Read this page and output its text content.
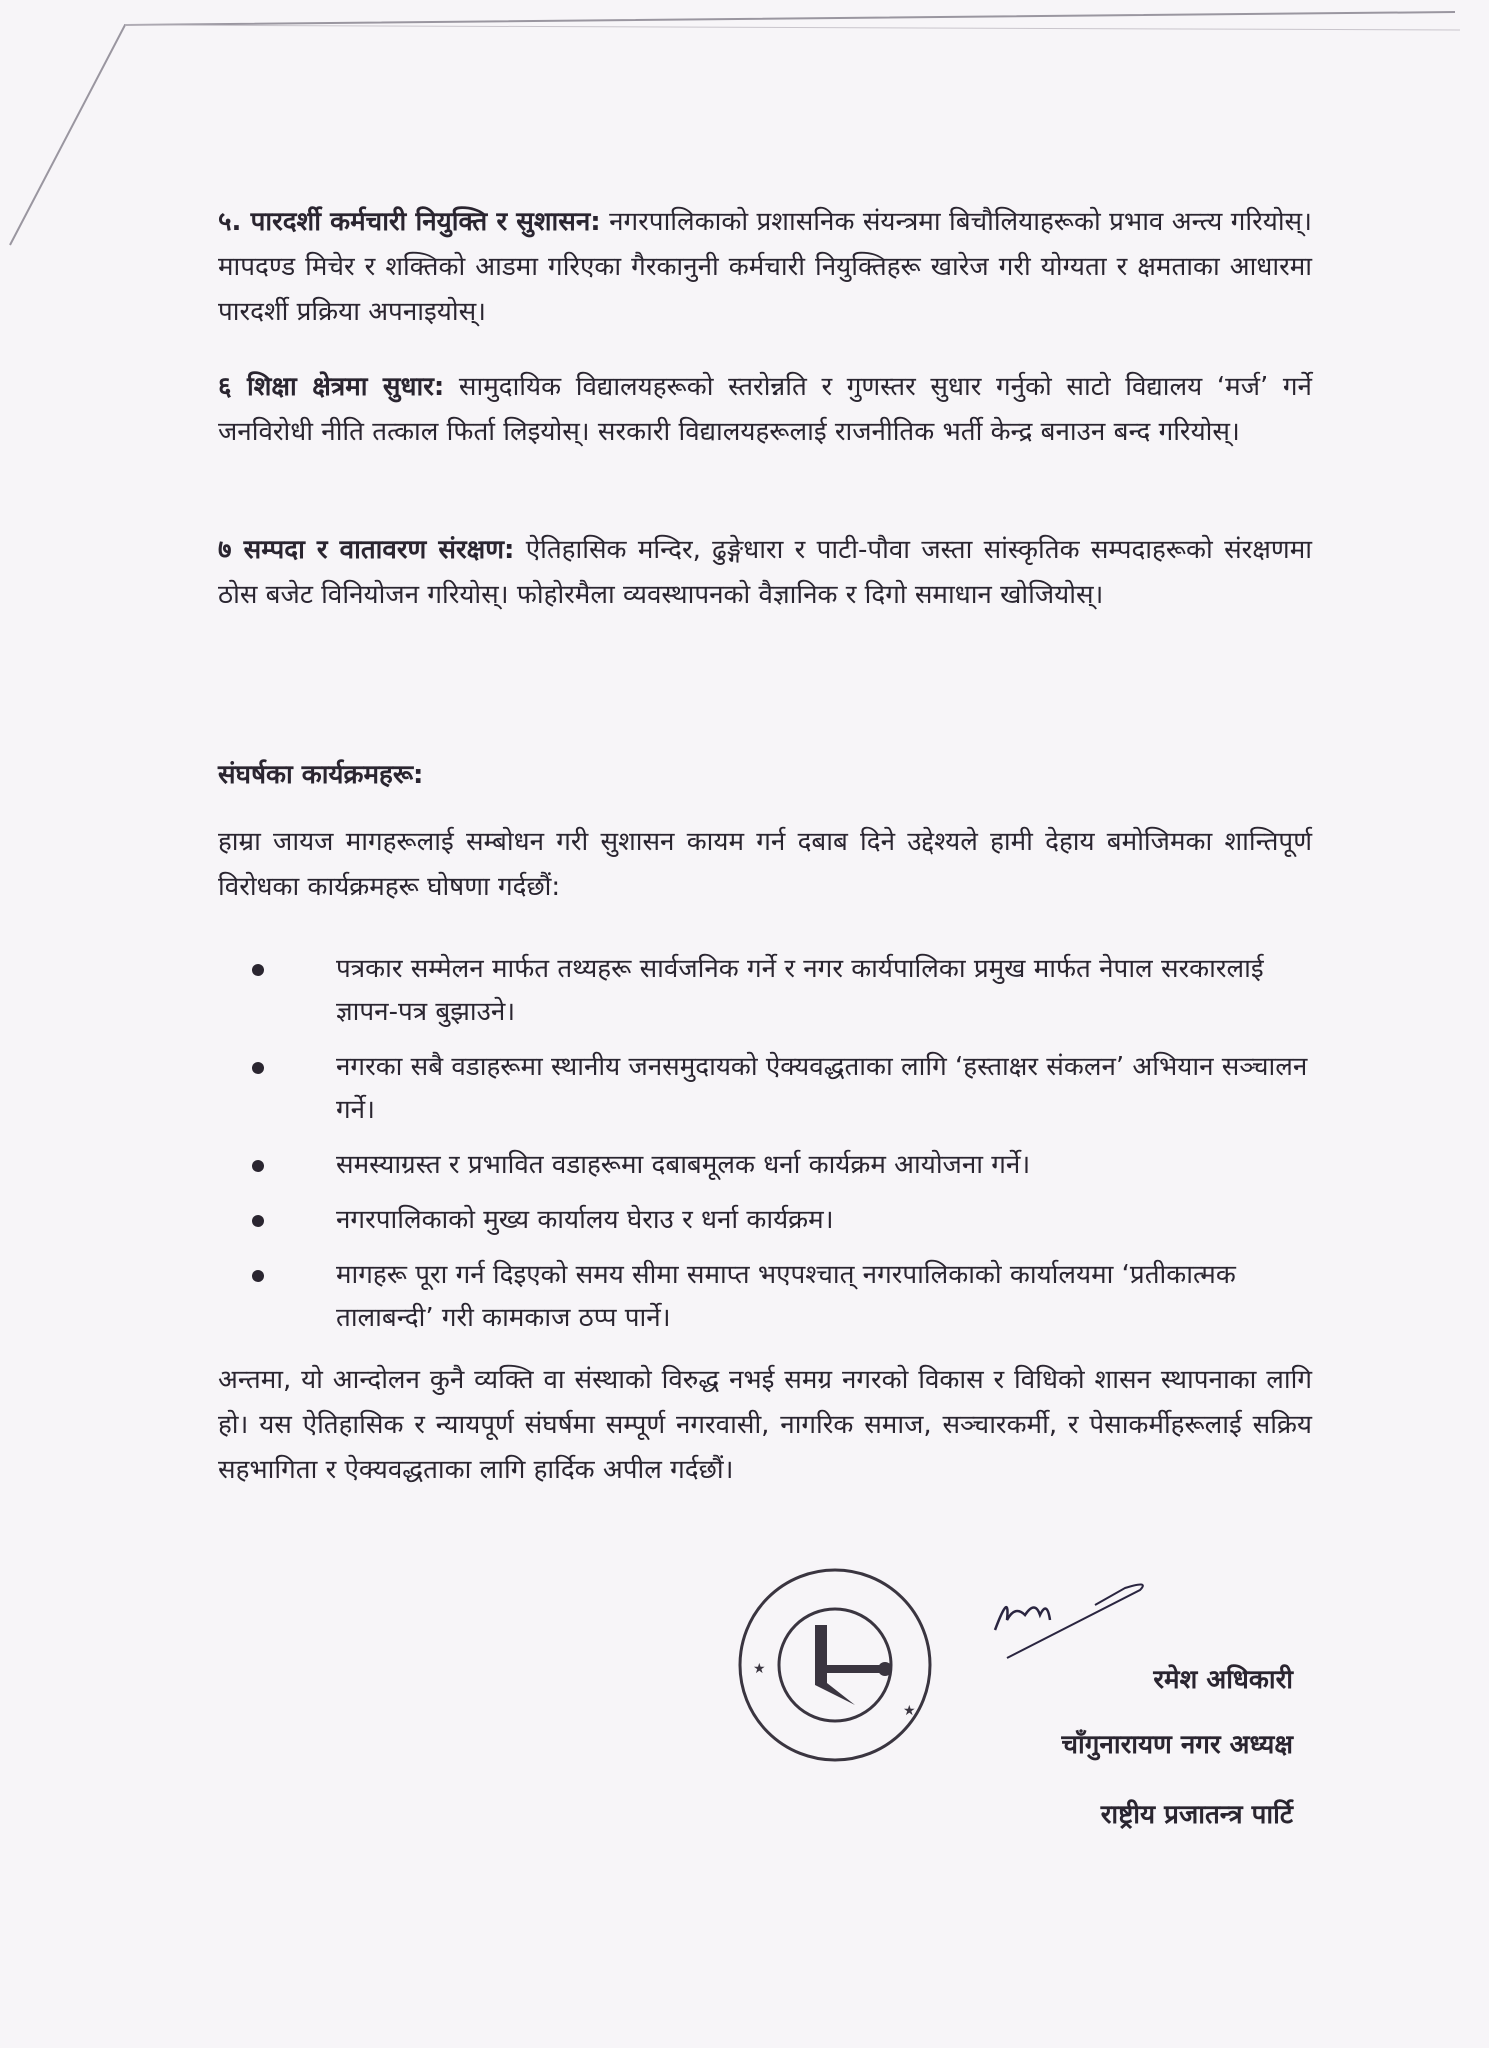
५. पारदर्शी कर्मचारी नियुक्ति र सुशासन: नगरपालिकाको प्रशासनिक संयन्त्रमा बिचौलियाहरूको प्रभाव अन्त्य गरियोस्। मापदण्ड मिचेर र शक्तिको आडमा गरिएका गैरकानुनी कर्मचारी नियुक्तिहरू खारेज गरी योग्यता र क्षमताका आधारमा पारदर्शी प्रक्रिया अपनाइयोस्।
६ शिक्षा क्षेत्रमा सुधार: सामुदायिक विद्यालयहरूको स्तरोन्नति र गुणस्तर सुधार गर्नुको साटो विद्यालय ‘मर्ज’ गर्ने जनविरोधी नीति तत्काल फिर्ता लिइयोस्। सरकारी विद्यालयहरूलाई राजनीतिक भर्ती केन्द्र बनाउन बन्द गरियोस्।
७ सम्पदा र वातावरण संरक्षण: ऐतिहासिक मन्दिर, ढुङ्गेधारा र पाटी-पौवा जस्ता सांस्कृतिक सम्पदाहरूको संरक्षणमा ठोस बजेट विनियोजन गरियोस्। फोहोरमैला व्यवस्थापनको वैज्ञानिक र दिगो समाधान खोजियोस्।
संघर्षका कार्यक्रमहरू:
हाम्रा जायज मागहरूलाई सम्बोधन गरी सुशासन कायम गर्न दबाब दिने उद्देश्यले हामी देहाय बमोजिमका शान्तिपूर्ण विरोधका कार्यक्रमहरू घोषणा गर्दछौं:
पत्रकार सम्मेलन मार्फत तथ्यहरू सार्वजनिक गर्ने र नगर कार्यपालिका प्रमुख मार्फत नेपाल सरकारलाई ज्ञापन-पत्र बुझाउने।
नगरका सबै वडाहरूमा स्थानीय जनसमुदायको ऐक्यवद्धताका लागि ‘हस्ताक्षर संकलन’ अभियान सञ्चालन गर्ने।
समस्याग्रस्त र प्रभावित वडाहरूमा दबाबमूलक धर्ना कार्यक्रम आयोजना गर्ने।
नगरपालिकाको मुख्य कार्यालय घेराउ र धर्ना कार्यक्रम।
मागहरू पूरा गर्न दिइएको समय सीमा समाप्त भएपश्चात् नगरपालिकाको कार्यालयमा ‘प्रतीकात्मक तालाबन्दी’ गरी कामकाज ठप्प पार्ने।
अन्तमा, यो आन्दोलन कुनै व्यक्ति वा संस्थाको विरुद्ध नभई समग्र नगरको विकास र विधिको शासन स्थापनाका लागि हो। यस ऐतिहासिक र न्यायपूर्ण संघर्षमा सम्पूर्ण नगरवासी, नागरिक समाज, सञ्चारकर्मी, र पेसाकर्मीहरूलाई सक्रिय सहभागिता र ऐक्यवद्धताका लागि हार्दिक अपील गर्दछौं।
★
★
रमेश अधिकारी
चाँगुनारायण नगर अध्यक्ष
राष्ट्रीय प्रजातन्त्र पार्टि
